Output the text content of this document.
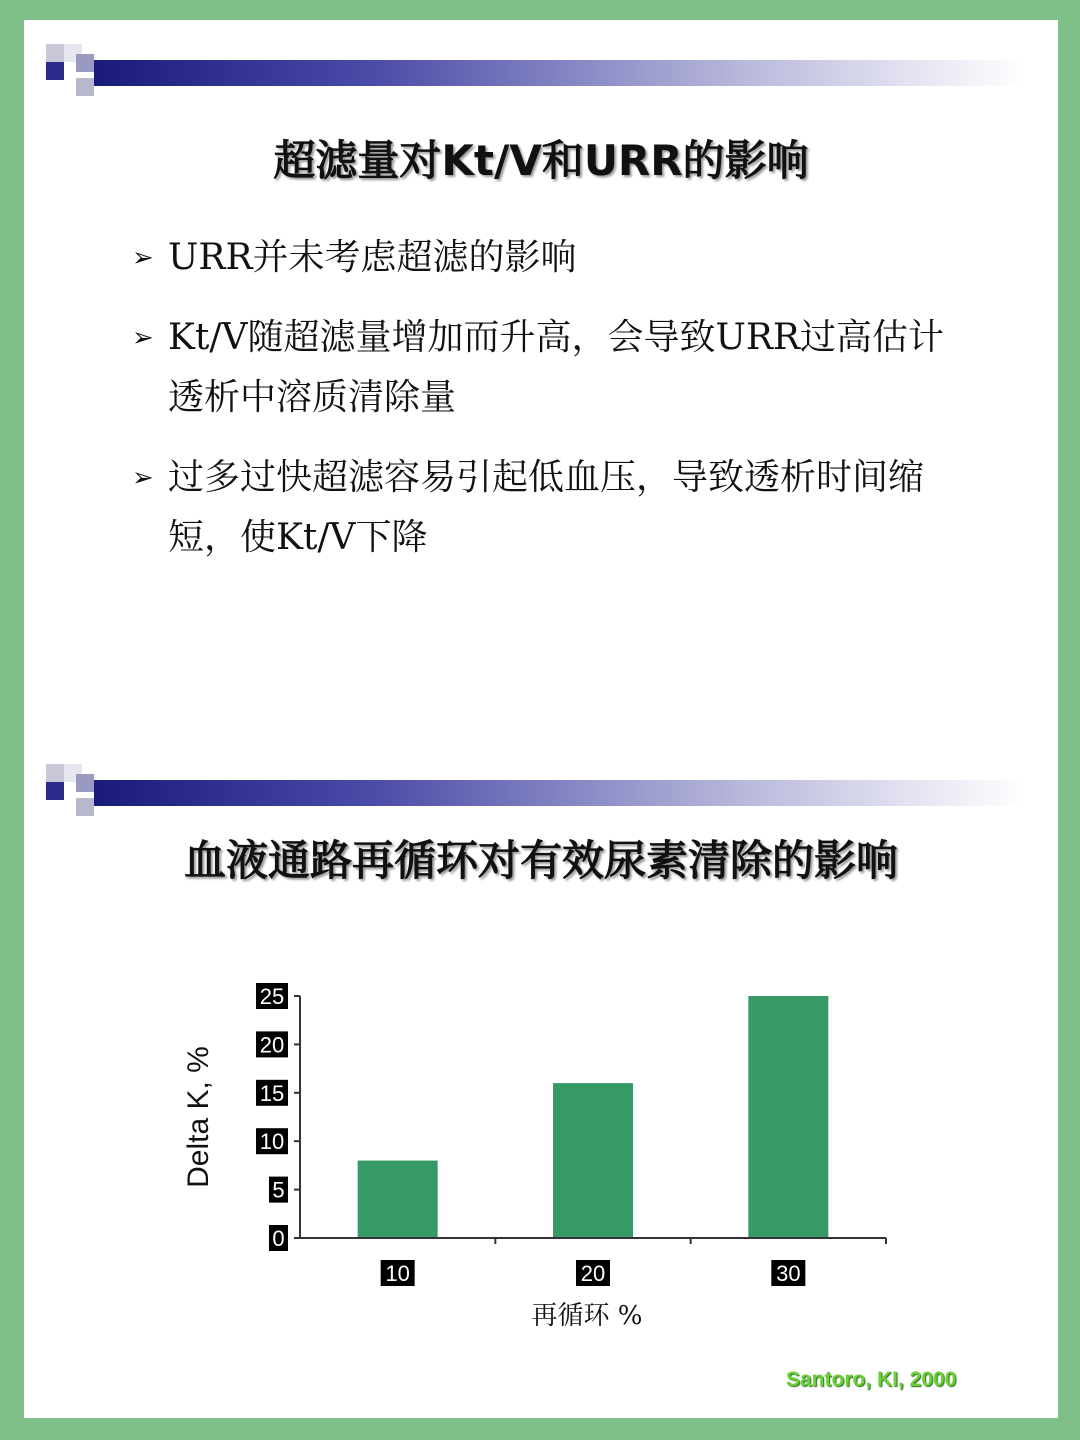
超滤量对Kt/V和URR的影响
➢ URR并未考虑超滤的影响
➢ Kt/V随超滤量增加而升高，会导致URR过高估计透析中溶质清除量
➢ 过多过快超滤容易引起低血压，导致透析时间缩短，使Kt/V下降
血液通路再循环对有效尿素清除的影响
0
5
10
15
20
25
10	20	30
Delta K, %
再循环 %
Santoro, KI, 2000
